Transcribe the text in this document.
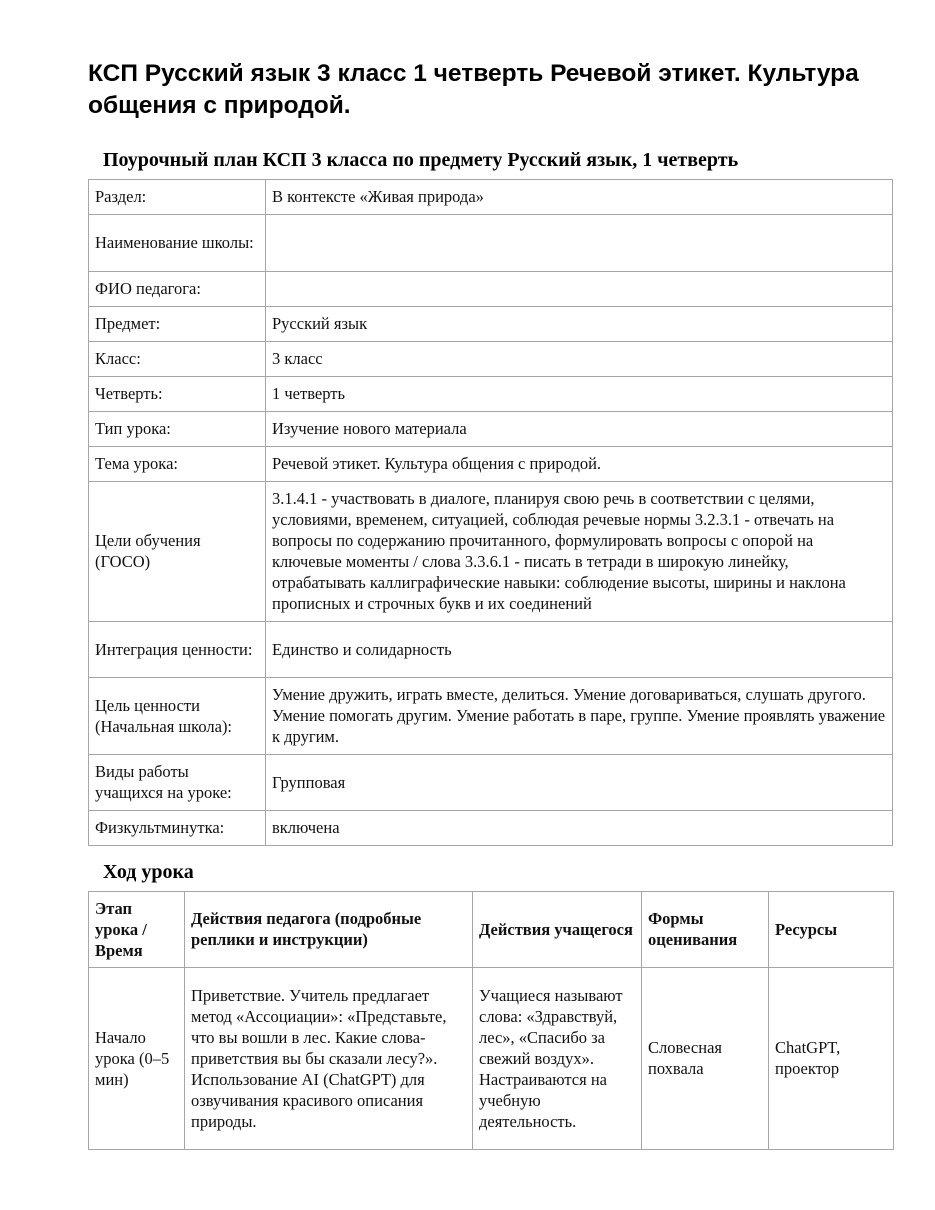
КСП Русский язык 3 класс 1 четверть Речевой этикет. Культура общения с природой.
Поурочный план КСП 3 класса по предмету Русский язык, 1 четверть
Раздел:	В контексте «Живая природа»
Наименование школы:	
ФИО педагога:	
Предмет:	Русский язык
Класс:	3 класс
Четверть:	1 четверть
Тип урока:	Изучение нового материала
Тема урока:	Речевой этикет. Культура общения с природой.
Цели обучения (ГОСО)	3.1.4.1 - участвовать в диалоге, планируя свою речь в соответствии с целями, условиями, временем, ситуацией, соблюдая речевые нормы 3.2.3.1 - отвечать на вопросы по содержанию прочитанного, формулировать вопросы с опорой на ключевые моменты / слова 3.3.6.1 - писать в тетради в широкую линейку, отрабатывать каллиграфические навыки: соблюдение высоты, ширины и наклона прописных и строчных букв и их соединений
Интеграция ценности:	Единство и солидарность
Цель ценности (Начальная школа):	Умение дружить, играть вместе, делиться. Умение договариваться, слушать другого. Умение помогать другим. Умение работать в паре, группе. Умение проявлять уважение к другим.
Виды работы учащихся на уроке:	Групповая
Физкультминутка:	включена
Ход урока
Этап урока / Время	Действия педагога (подробные реплики и инструкции)	Действия учащегося	Формы оценивания	Ресурсы
Начало урока (0–5 мин)	Приветствие. Учитель предлагает метод «Ассоциации»: «Представьте, что вы вошли в лес. Какие слова-приветствия вы бы сказали лесу?». Использование AI (ChatGPT) для озвучивания красивого описания природы.	Учащиеся называют слова: «Здравствуй, лес», «Спасибо за свежий воздух». Настраиваются на учебную деятельность.	Словесная похвала	ChatGPT, проектор
